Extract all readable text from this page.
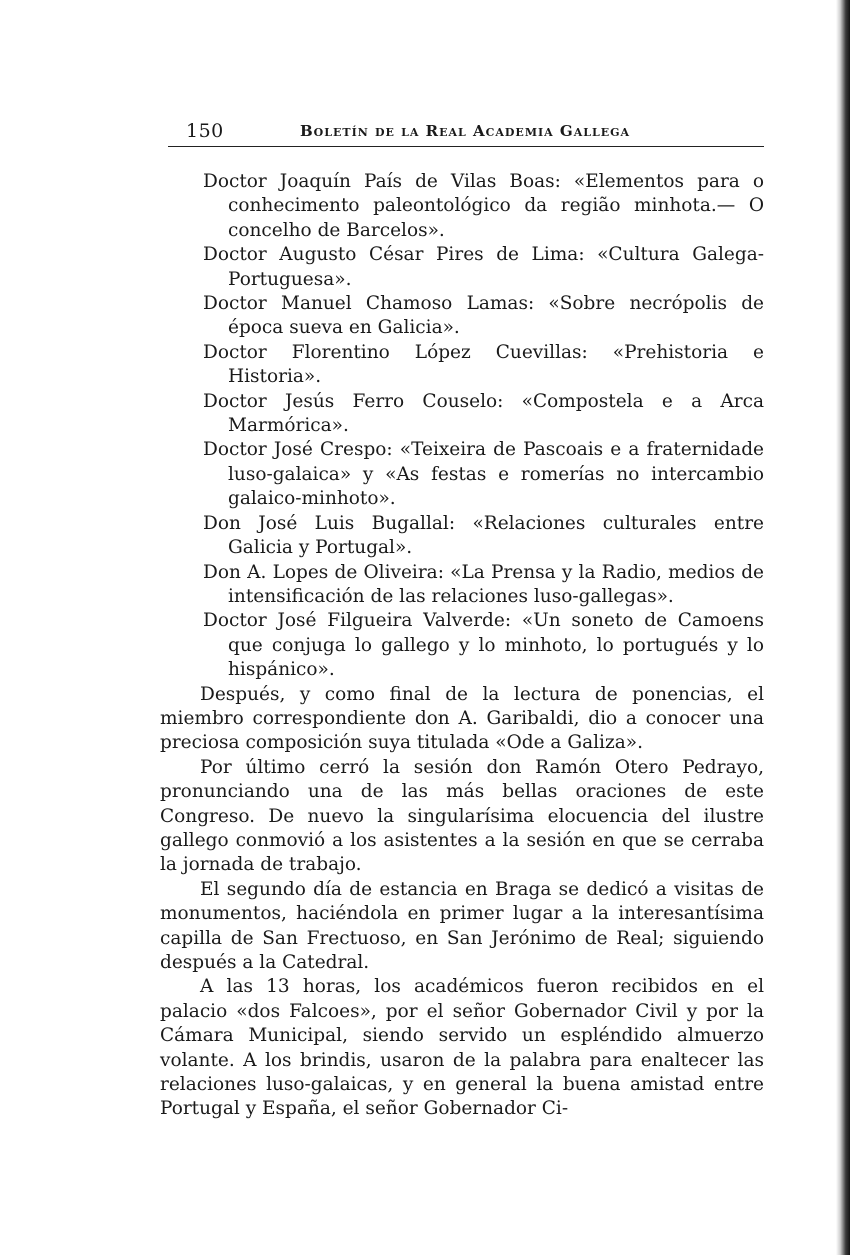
150	Boletín de la Real Academia Gallega

Doctor Joaquín País de Vilas Boas: «Elementos para o conhecimento paleontológico da região minhota.— O concelho de Barcelos».

Doctor Augusto César Pires de Lima: «Cultura Galega-Portuguesa».

Doctor Manuel Chamoso Lamas: «Sobre necrópolis de época sueva en Galicia».

Doctor Florentino López Cuevillas: «Prehistoria e Historia».

Doctor Jesús Ferro Couselo: «Compostela e a Arca Marmórica».

Doctor José Crespo: «Teixeira de Pascoais e a fraternidade luso-galaica» y «As festas e romerías no intercambio galaico-minhoto».

Don José Luis Bugallal: «Relaciones culturales entre Galicia y Portugal».

Don A. Lopes de Oliveira: «La Prensa y la Radio, medios de intensificación de las relaciones luso-gallegas».

Doctor José Filgueira Valverde: «Un soneto de Camoens que conjuga lo gallego y lo minhoto, lo portugués y lo hispánico».

Después, y como final de la lectura de ponencias, el miembro correspondiente don A. Garibaldi, dio a conocer una preciosa composición suya titulada «Ode a Galiza».

Por último cerró la sesión don Ramón Otero Pedrayo, pronunciando una de las más bellas oraciones de este Congreso. De nuevo la singularísima elocuencia del ilustre gallego conmovió a los asistentes a la sesión en que se cerraba la jornada de trabajo.

El segundo día de estancia en Braga se dedicó a visitas de monumentos, haciéndola en primer lugar a la interesantísima capilla de San Frectuoso, en San Jerónimo de Real; siguiendo después a la Catedral.

A las 13 horas, los académicos fueron recibidos en el palacio «dos Falcoes», por el señor Gobernador Civil y por la Cámara Municipal, siendo servido un espléndido almuerzo volante. A los brindis, usaron de la palabra para enaltecer las relaciones luso-galaicas, y en general la buena amistad entre Portugal y España, el señor Gobernador Ci-
